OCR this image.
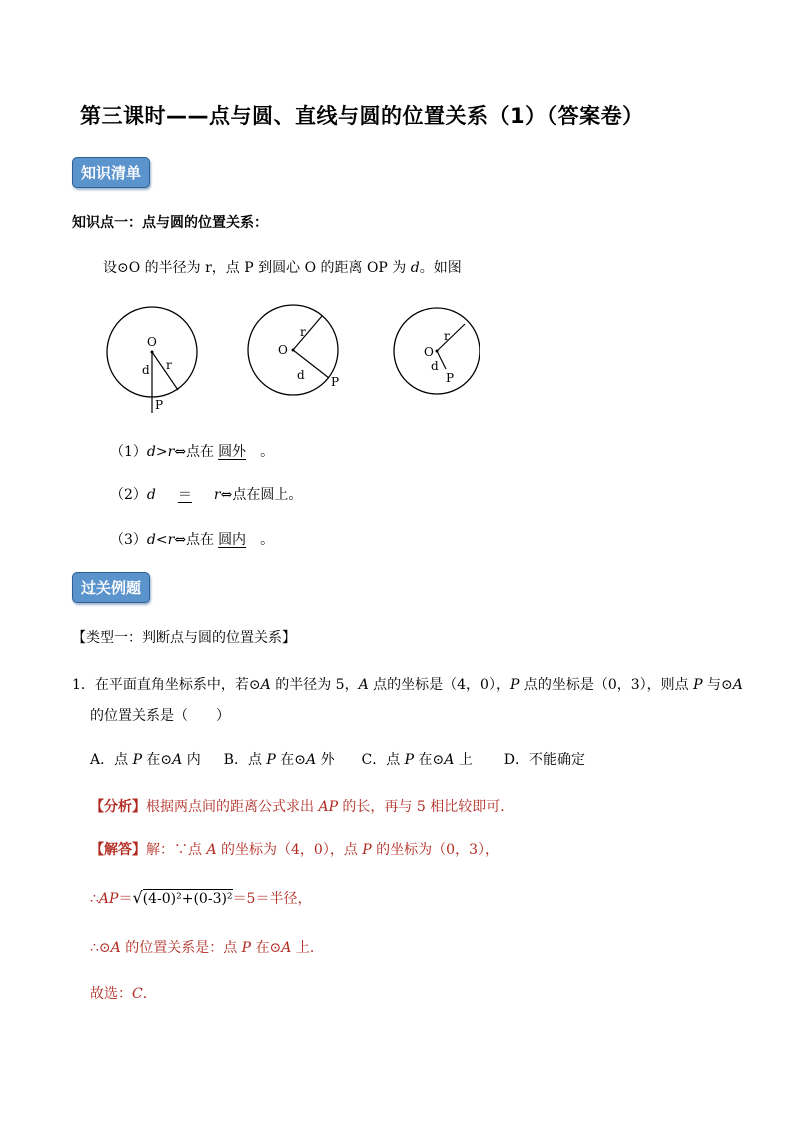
第三课时——点与圆、直线与圆的位置关系（1）（答案卷）
知识清单
知识点一：点与圆的位置关系：
设⊙O 的半径为 r，点 P 到圆心 O 的距离 OP 为 d。如图
O
r
d
P
O
r
d P
O
r
d
P
（1）d>r⇔点在 圆外 。
（2）d ＝ r⇔点在圆上。
（3）d<r⇔点在 圆内 。
过关例题
【类型一：判断点与圆的位置关系】
1．在平面直角坐标系中，若⊙A 的半径为 5，A 点的坐标是（4，0），P 点的坐标是（0，3），则点 P 与⊙A
的位置关系是（　　）
A．点 P 在⊙A 内 B．点 P 在⊙A 外 C．点 P 在⊙A 上 D．不能确定
【分析】根据两点间的距离公式求出 AP 的长，再与 5 相比较即可．
【解答】解：∵点 A 的坐标为（4，0），点 P 的坐标为（0，3），
∴AP＝√(4-0)²+(0-3)²＝5＝半径，
∴⊙A 的位置关系是：点 P 在⊙A 上．
故选：C．
